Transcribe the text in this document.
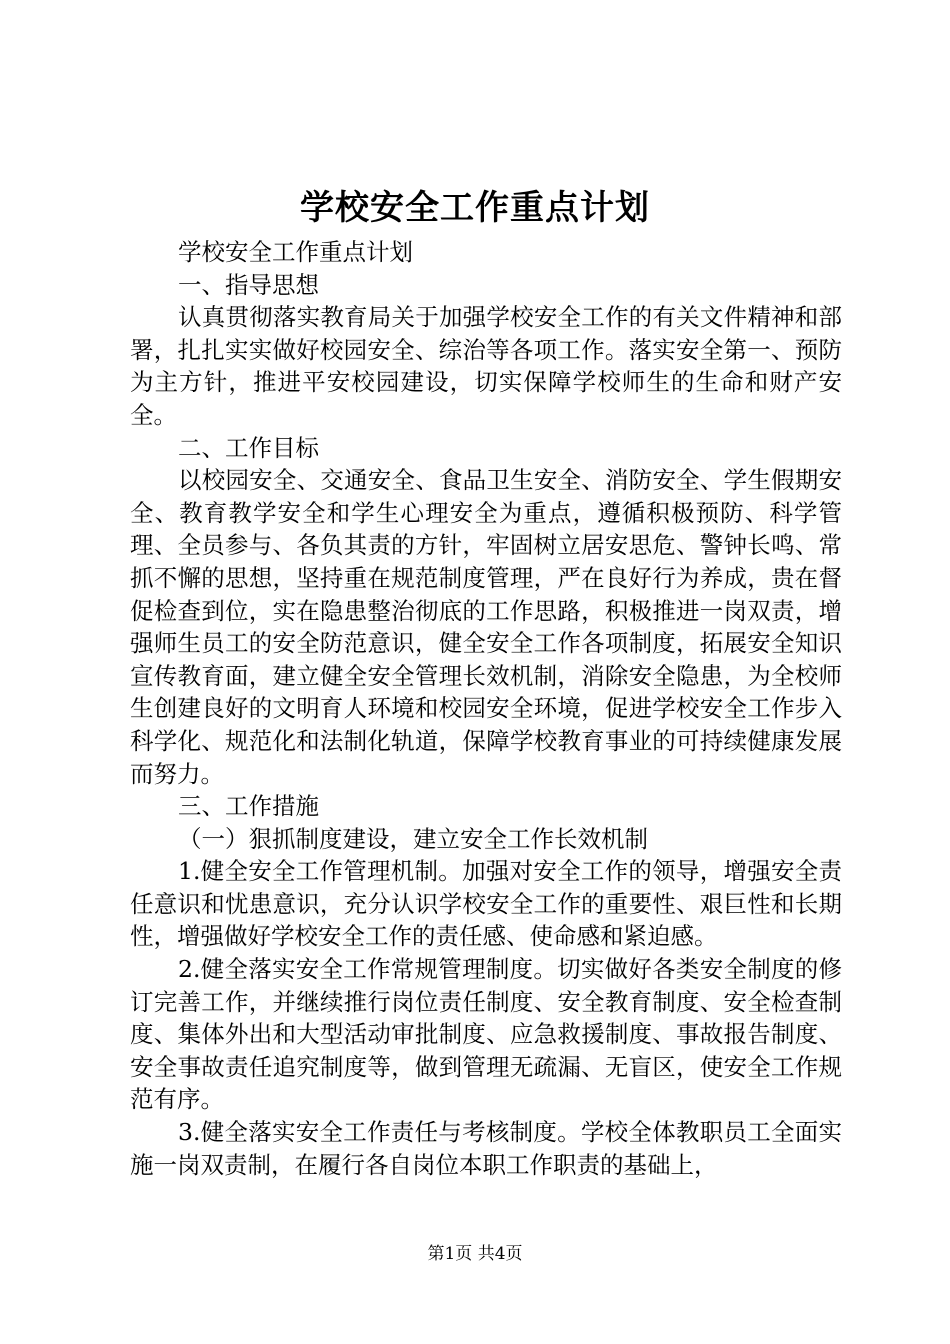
学校安全工作重点计划

学校安全工作重点计划

一、指导思想

认真贯彻落实教育局关于加强学校安全工作的有关文件精神和部署，扎扎实实做好校园安全、综治等各项工作。落实安全第一、预防为主方针，推进平安校园建设，切实保障学校师生的生命和财产安全。

二、工作目标

以校园安全、交通安全、食品卫生安全、消防安全、学生假期安全、教育教学安全和学生心理安全为重点，遵循积极预防、科学管理、全员参与、各负其责的方针，牢固树立居安思危、警钟长鸣、常抓不懈的思想，坚持重在规范制度管理，严在良好行为养成，贵在督促检查到位，实在隐患整治彻底的工作思路，积极推进一岗双责，增强师生员工的安全防范意识，健全安全工作各项制度，拓展安全知识宣传教育面，建立健全安全管理长效机制，消除安全隐患，为全校师生创建良好的文明育人环境和校园安全环境，促进学校安全工作步入科学化、规范化和法制化轨道，保障学校教育事业的可持续健康发展而努力。

三、工作措施

（一）狠抓制度建设，建立安全工作长效机制

1.健全安全工作管理机制。加强对安全工作的领导，增强安全责任意识和忧患意识，充分认识学校安全工作的重要性、艰巨性和长期性，增强做好学校安全工作的责任感、使命感和紧迫感。

2.健全落实安全工作常规管理制度。切实做好各类安全制度的修订完善工作，并继续推行岗位责任制度、安全教育制度、安全检查制度、集体外出和大型活动审批制度、应急救援制度、事故报告制度、安全事故责任追究制度等，做到管理无疏漏、无盲区，使安全工作规范有序。

3.健全落实安全工作责任与考核制度。学校全体教职员工全面实施一岗双责制，在履行各自岗位本职工作职责的基础上，

第1页 共4页
